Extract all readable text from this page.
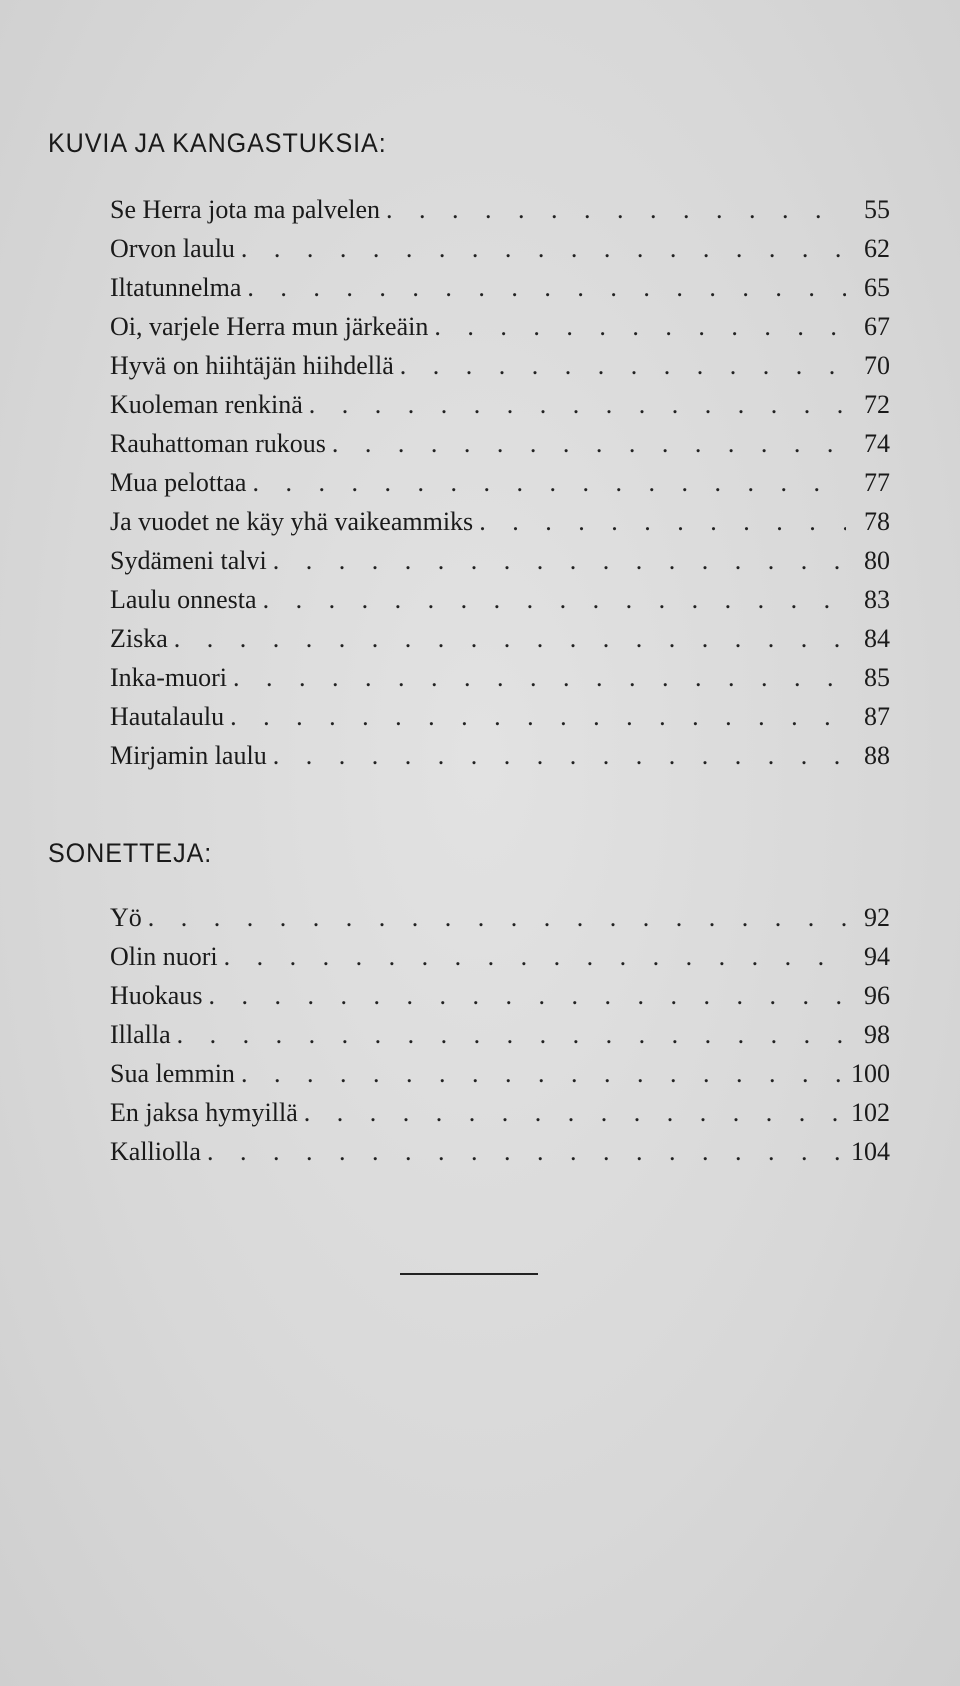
KUVIA JA KANGASTUKSIA:
Se Herra jota ma palvelen . . .	55
Orvon laulu . . .	62
Iltatunnelma . . .	65
Oi, varjele Herra mun järkeäin . . .	67
Hyvä on hiihtäjän hiihdellä . . .	70
Kuoleman renkinä . . .	72
Rauhattoman rukous . . .	74
Mua pelottaa . . .	77
Ja vuodet ne käy yhä vaikeammiks . . .	78
Sydämeni talvi . . .	80
Laulu onnesta . . .	83
Ziska . . .	84
Inka-muori . . .	85
Hautalaulu . . .	87
Mirjamin laulu . . .	88
SONETTEJA:
Yö . . .	92
Olin nuori . . .	94
Huokaus . . .	96
Illalla . . .	98
Sua lemmin . . .	100
En jaksa hymyillä . . .	102
Kalliolla . . .	104
